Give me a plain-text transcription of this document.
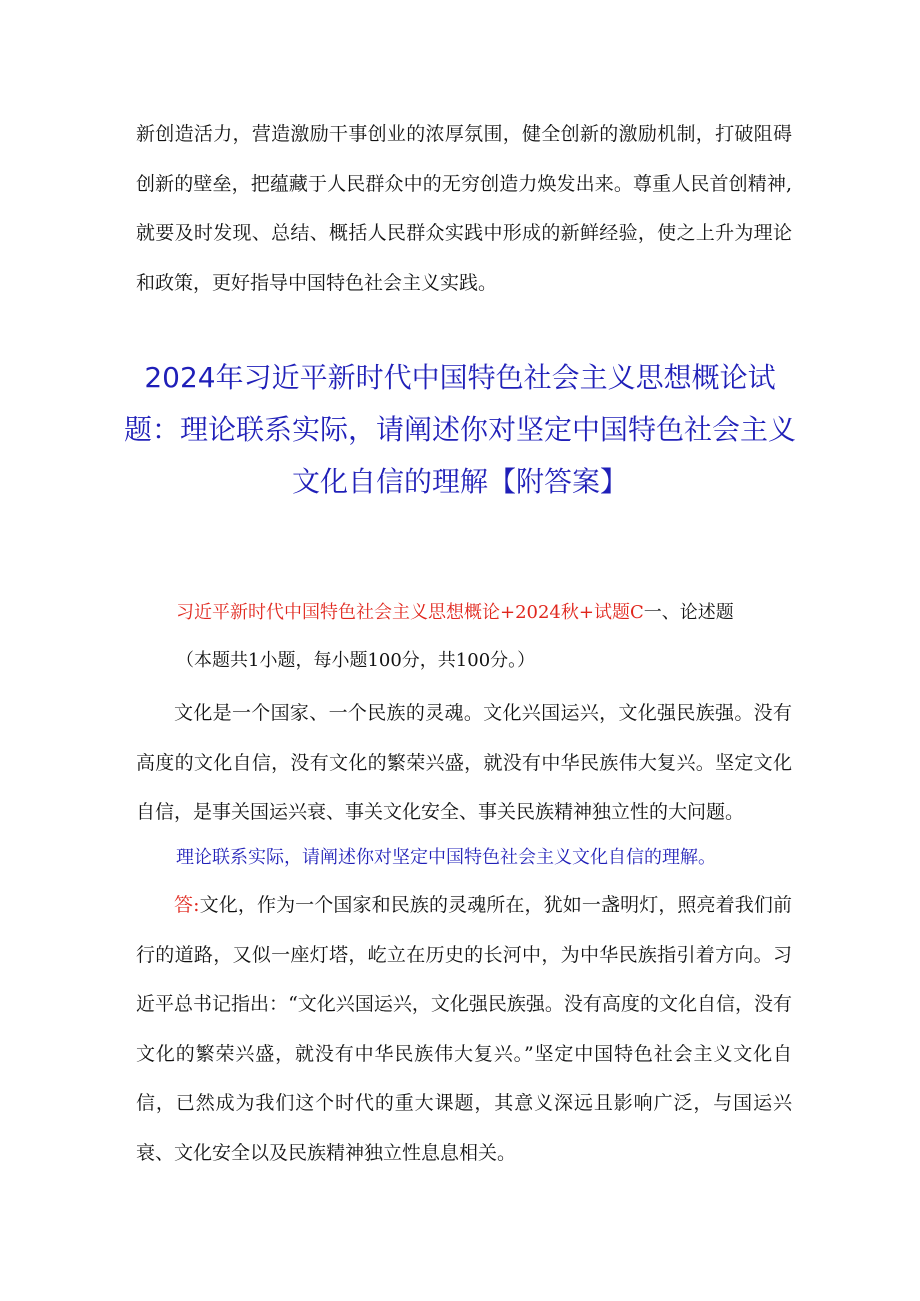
新创造活力，营造激励干事创业的浓厚氛围，健全创新的激励机制，打破阻碍创新的壁垒，把蕴藏于人民群众中的无穷创造力焕发出来。尊重人民首创精神,就要及时发现、总结、概括人民群众实践中形成的新鲜经验，使之上升为理论和政策，更好指导中国特色社会主义实践。

2024年习近平新时代中国特色社会主义思想概论试题：理论联系实际，请阐述你对坚定中国特色社会主义文化自信的理解【附答案】

习近平新时代中国特色社会主义思想概论+2024秋+试题C一、论述题

（本题共1小题，每小题100分，共100分。）

文化是一个国家、一个民族的灵魂。文化兴国运兴，文化强民族强。没有高度的文化自信，没有文化的繁荣兴盛，就没有中华民族伟大复兴。坚定文化自信，是事关国运兴衰、事关文化安全、事关民族精神独立性的大问题。

理论联系实际，请阐述你对坚定中国特色社会主义文化自信的理解。

答:文化，作为一个国家和民族的灵魂所在，犹如一盏明灯，照亮着我们前行的道路，又似一座灯塔，屹立在历史的长河中，为中华民族指引着方向。习近平总书记指出：“文化兴国运兴，文化强民族强。没有高度的文化自信，没有文化的繁荣兴盛，就没有中华民族伟大复兴。”坚定中国特色社会主义文化自信，已然成为我们这个时代的重大课题，其意义深远且影响广泛，与国运兴衰、文化安全以及民族精神独立性息息相关。
